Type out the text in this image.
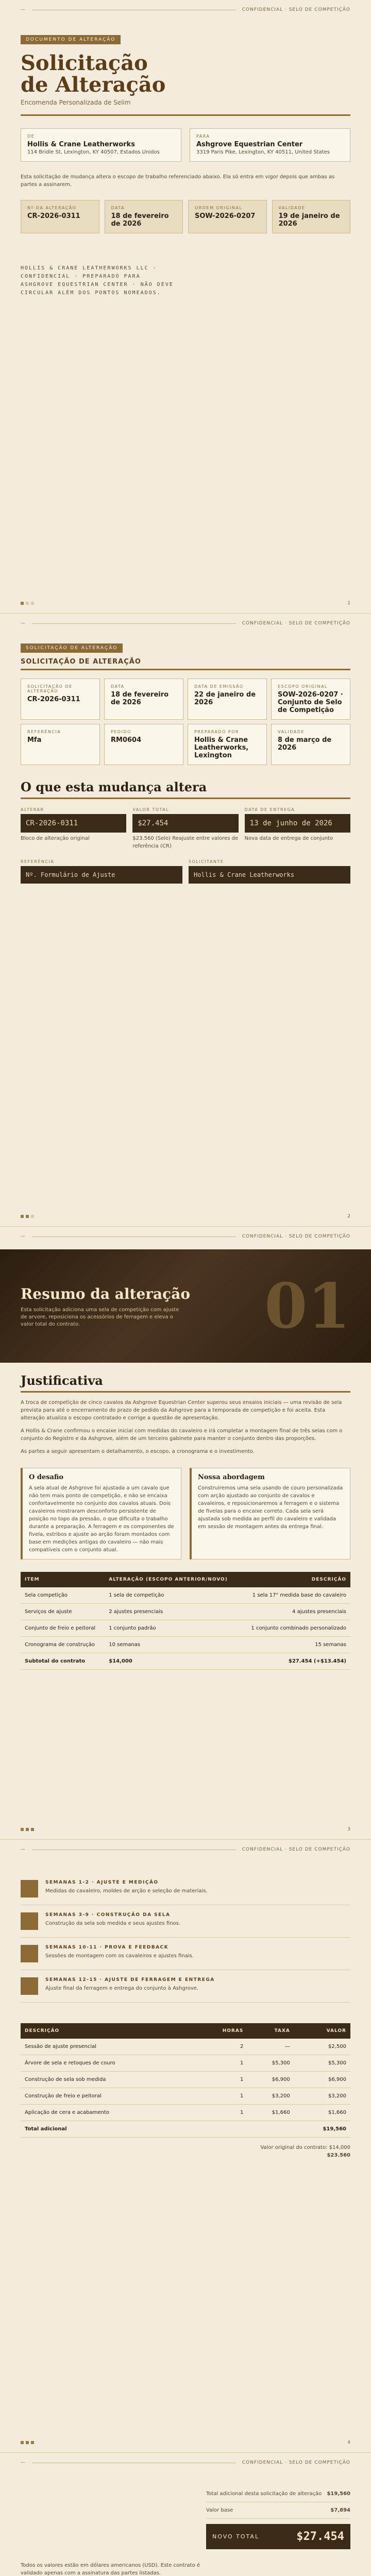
—	CONFIDENCIAL · SELO DE COMPETIÇÃO
DOCUMENTO DE ALTERAÇÃO
Solicitação
de Alteração
Encomenda Personalizada de Selim
DE
Hollis & Crane Leatherworks
114 Bridle St, Lexington, KY 40507, Estados Unidos
PARA
Ashgrove Equestrian Center
3319 Paris Pike, Lexington, KY 40511, United States

Esta solicitação de mudança altera o escopo de trabalho referenciado abaixo. Ela só entra em vigor depois que ambas as partes a assinarem.

Nº DA ALTERAÇÃO
CR-2026-0311
DATA
18 de fevereiro de 2026
ORDEM ORIGINAL
SOW-2026-0207
VALIDADE
19 de janeiro de 2026
HOLLIS & CRANE LEATHERWORKS LLC · CONFIDENCIAL · PREPARADO PARA ASHGROVE EQUESTRIAN CENTER · NÃO DEVE CIRCULAR ALÉM DOS PONTOS NOMEADOS.
1
—	CONFIDENCIAL · SELO DE COMPETIÇÃO
SOLICITAÇÃO DE ALTERAÇÃO
SOLICITAÇÃO DE ALTERAÇÃO
SOLICITAÇÃO DE ALTERAÇÃO
CR-2026-0311
DATA
18 de fevereiro de 2026
DATA DE EMISSÃO
22 de janeiro de 2026
ESCOPO ORIGINAL
SOW-2026-0207 · Conjunto de Selo de Competição
REFERÊNCIA
Mfa
PEDIDO
RM0604
PREPARADO POR
Hollis & Crane Leatherworks, Lexington
VALIDADE
8 de março de 2026
O que esta mudança altera
ALTERAR
CR-2026-0311
Bloco de alteração original
VALOR TOTAL
$27.454
$23.560 (Selo) Reajuste entre valores de referência (CR)
DATA DE ENTREGA
13 de junho de 2026
Nova data de entrega de conjunto
REFERÊNCIA
Nº. Formulário de Ajuste
SOLICITANTE
Hollis & Crane Leatherworks
2
—	CONFIDENCIAL · SELO DE COMPETIÇÃO
Resumo da alteração
Esta solicitação adiciona uma sela de competição com ajuste de arvore, reposiciona os acessórios de ferragem e eleva o valor total do contrato.	01
Justificativa

A troca de competição de cinco cavalos da Ashgrove Equestrian Center superou seus ensaios iniciais — uma revisão de sela prevista para até o encerramento do prazo de pedido da Ashgrove para a temporada de competição e foi aceita. Esta alteração atualiza o escopo contratado e corrige a questão de apresentação.

A Hollis & Crane confirmou o encaixe inicial com medidas do cavaleiro e irá completar a montagem final de três selas com o conjunto do Registro e da Ashgrove, além de um terceiro gabinete para manter o conjunto dentro das proporções.

As partes a seguir apresentam o detalhamento, o escopo, a cronograma e o investimento.

O desafio

A sela atual de Ashgrove foi ajustada a um cavalo que não tem mais ponto de competição, e não se encaixa confortavelmente no conjunto dos cavalos atuais. Dois cavaleiros mostraram desconforto persistente de posição no topo da pressão, o que dificulta o trabalho durante a preparação. A ferragem e os componentes de fivela, estribos e ajuste ao arção foram montados com base em medições antigas do cavaleiro — não mais compatíveis com o conjunto atual.

Nossa abordagem

Construiremos uma sela usando de couro personalizada com arção ajustado ao conjunto de cavalos e cavaleiros, e reposicionaremos a ferragem e o sistema de fivelas para o encaixe correto. Cada sela será ajustada sob medida ao perfil do cavaleiro e validada em sessão de montagem antes da entrega final.

ITEM	ALTERAÇÃO (ESCOPO ANTERIOR/NOVO)	DESCRIÇÃO
Sela competição	1 sela de competição	1 sela 17" medida base do cavaleiro
Serviços de ajuste	2 ajustes presenciais	4 ajustes presenciais
Conjunto de freio e peitoral	1 conjunto padrão	1 conjunto combinado personalizado
Cronograma de construção	10 semanas	15 semanas
Subtotal do contrato	$14,000	$27.454 (+$13.454)
3
—	CONFIDENCIAL · SELO DE COMPETIÇÃO
SEMANAS 1-2 · AJUSTE E MEDIÇÃO
Medidas do cavaleiro, moldes de arção e seleção de materiais.
SEMANAS 3-9 · CONSTRUÇÃO DA SELA
Construção da sela sob medida e seus ajustes finos.
SEMANAS 10-11 · PROVA E FEEDBACK
Sessões de montagem com os cavaleiros e ajustes finais.
SEMANAS 12-15 · AJUSTE DE FERRAGEM E ENTREGA
Ajuste final da ferragem e entrega do conjunto à Ashgrove.
DESCRIÇÃO	HORAS	TAXA	VALOR
Sessão de ajuste presencial	2	—	$2,500
Árvore de sela e retoques de couro	1	$5,300	$5,300
Construção de sela sob medida	1	$6,900	$6,900
Construção de freio e peitoral	1	$3,200	$3,200
Aplicação de cera e acabamento	1	$1,660	$1,660
Total adicional			$19,560
Valor original do contrato: $14,000
$23.560
4
—	CONFIDENCIAL · SELO DE COMPETIÇÃO
Total adicional desta solicitação de alteração $19,560
Valor base	$7,894
NOVO TOTAL	$27.454

Todos os valores estão em dólares americanos (USD). Este contrato é validado apenas com a assinatura das partes listadas.
